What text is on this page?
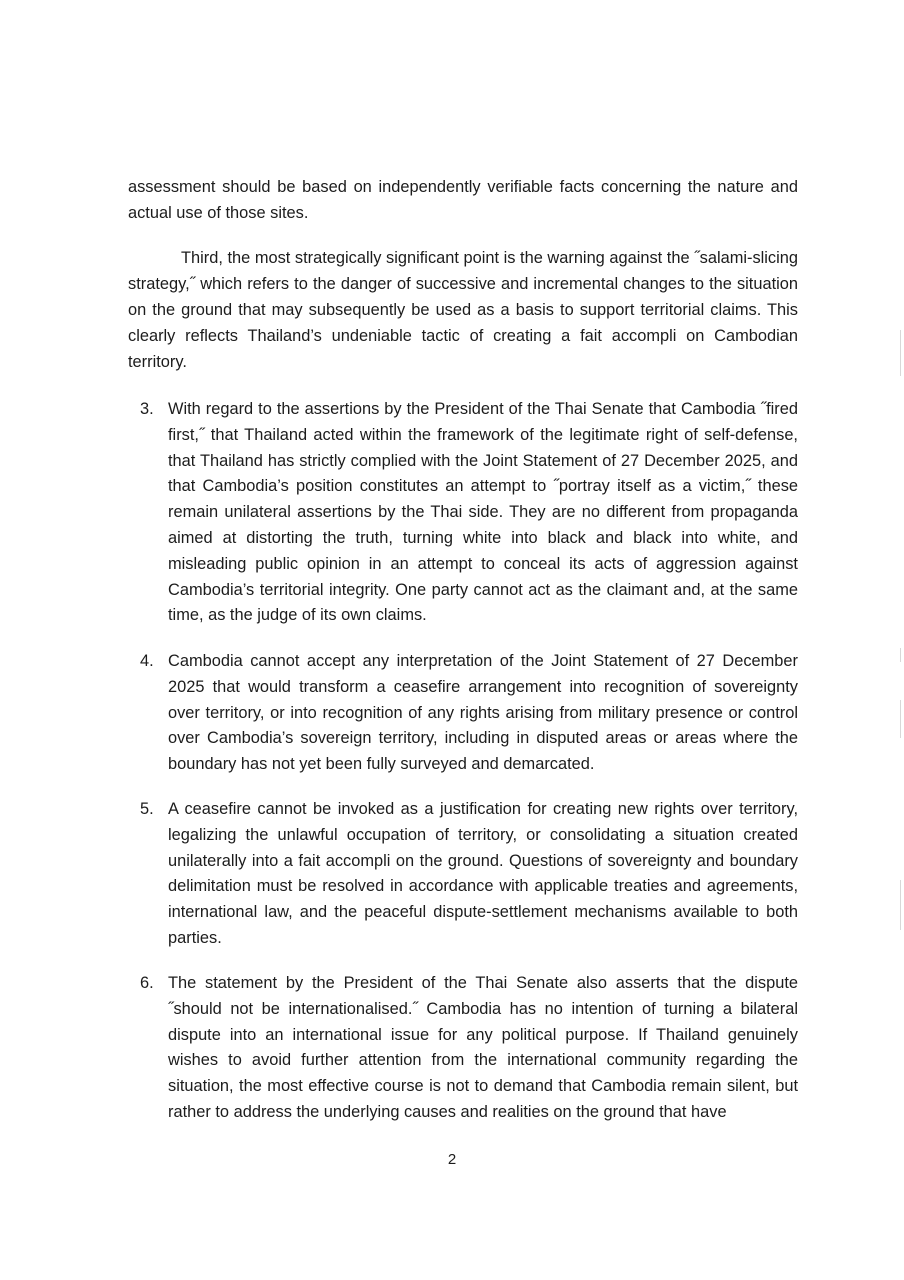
assessment should be based on independently verifiable facts concerning the nature and actual use of those sites.

Third, the most strategically significant point is the warning against the ˝salami-slicing strategy,˝ which refers to the danger of successive and incremental changes to the situation on the ground that may subsequently be used as a basis to support territorial claims. This clearly reflects Thailand’s undeniable tactic of creating a fait accompli on Cambodian territory.

3. With regard to the assertions by the President of the Thai Senate that Cambodia ˝fired first,˝ that Thailand acted within the framework of the legitimate right of self-defense, that Thailand has strictly complied with the Joint Statement of 27 December 2025, and that Cambodia’s position constitutes an attempt to ˝portray itself as a victim,˝ these remain unilateral assertions by the Thai side. They are no different from propaganda aimed at distorting the truth, turning white into black and black into white, and misleading public opinion in an attempt to conceal its acts of aggression against Cambodia’s territorial integrity. One party cannot act as the claimant and, at the same time, as the judge of its own claims.
4. Cambodia cannot accept any interpretation of the Joint Statement of 27 December 2025 that would transform a ceasefire arrangement into recognition of sovereignty over territory, or into recognition of any rights arising from military presence or control over Cambodia’s sovereign territory, including in disputed areas or areas where the boundary has not yet been fully surveyed and demarcated.
5. A ceasefire cannot be invoked as a justification for creating new rights over territory, legalizing the unlawful occupation of territory, or consolidating a situation created unilaterally into a fait accompli on the ground. Questions of sovereignty and boundary delimitation must be resolved in accordance with applicable treaties and agreements, international law, and the peaceful dispute-settlement mechanisms available to both parties.
6. The statement by the President of the Thai Senate also asserts that the dispute ˝should not be internationalised.˝ Cambodia has no intention of turning a bilateral dispute into an international issue for any political purpose. If Thailand genuinely wishes to avoid further attention from the international community regarding the situation, the most effective course is not to demand that Cambodia remain silent, but rather to address the underlying causes and realities on the ground that have
2
